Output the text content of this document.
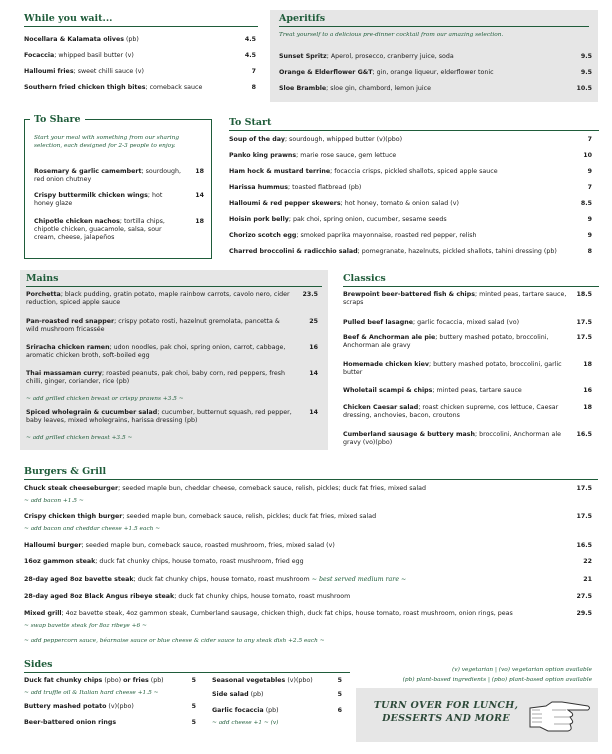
While you wait...
Nocellara & Kalamata olives (pb)	4.5
Focaccia; whipped basil butter (v)	4.5
Halloumi fries; sweet chilli sauce (v)	7
Southern fried chicken thigh bites; comeback sauce	8
Aperitifs
Treat yourself to a delicious pre-dinner cocktail from our amazing selection.
Sunset Spritz; Aperol, prosecco, cranberry juice, soda	9.5
Orange & Elderflower G&T; gin, orange liqueur, elderflower tonic	9.5
Sloe Bramble; sloe gin, chambord, lemon juice	10.5
To Share
Start your meal with something from our sharing selection, each designed for 2-3 people to enjoy.
Rosemary & garlic camembert; sourdough, red onion chutney
18
Crispy buttermilk chicken wings; hot honey glaze
14
Chipotle chicken nachos; tortilla chips, chipotle chicken, guacamole, salsa, sour cream, cheese, jalapeños
18
To Start
Soup of the day; sourdough, whipped butter (v)(pbo)	7
Panko king prawns; marie rose sauce, gem lettuce	10
Ham hock & mustard terrine; focaccia crisps, pickled shallots, spiced apple sauce	9
Harissa hummus; toasted flatbread (pb)	7
Halloumi & red pepper skewers; hot honey, tomato & onion salad (v)	8.5
Hoisin pork belly; pak choi, spring onion, cucumber, sesame seeds	9
Chorizo scotch egg; smoked paprika mayonnaise, roasted red pepper, relish	9
Charred broccolini & radicchio salad; pomegranate, hazelnuts, pickled shallots, tahini dressing (pb)	8
Mains
Porchetta; black pudding, gratin potato, maple rainbow carrots, cavolo nero, cider reduction, spiced apple sauce
23.5
Pan-roasted red snapper; crispy potato rosti, hazelnut gremolata, pancetta & wild mushroom fricassée
25
Sriracha chicken ramen; udon noodles, pak choi, spring onion, carrot, cabbage, aromatic chicken broth, soft-boiled egg
16
Thai massaman curry; roasted peanuts, pak choi, baby corn, red peppers, fresh chilli, ginger, coriander, rice (pb)
14
~ add grilled chicken breast or crispy prawns +3.5 ~
Spiced wholegrain & cucumber salad; cucumber, butternut squash, red pepper, baby leaves, mixed wholegrains, harissa dressing (pb)
14
~ add grilled chicken breast +3.5 ~
Classics
Brewpoint beer-battered fish & chips; minted peas, tartare sauce, scraps
18.5
Pulled beef lasagne; garlic focaccia, mixed salad (vo)	17.5
Beef & Anchorman ale pie; buttery mashed potato, broccolini, Anchorman ale gravy
17.5
Homemade chicken kiev; buttery mashed potato, broccolini, garlic butter
18
Wholetail scampi & chips; minted peas, tartare sauce	16
Chicken Caesar salad; roast chicken supreme, cos lettuce, Caesar dressing, anchovies, bacon, croutons
18
Cumberland sausage & buttery mash; broccolini, Anchorman ale gravy (vo)(pbo)
16.5
Burgers & Grill
Chuck steak cheeseburger; seeded maple bun, cheddar cheese, comeback sauce, relish, pickles; duck fat fries, mixed salad	17.5
~ add bacon +1.5 ~
Crispy chicken thigh burger; seeded maple bun, comeback sauce, relish, pickles; duck fat fries, mixed salad	17.5
~ add bacon and cheddar cheese +1.5 each ~
Halloumi burger; seeded maple bun, comeback sauce, roasted mushroom, fries, mixed salad (v)	16.5
16oz gammon steak; duck fat chunky chips, house tomato, roast mushroom, fried egg	22
28-day aged 8oz bavette steak; duck fat chunky chips, house tomato, roast mushroom ~ best served medium rare ~	21
28-day aged 8oz Black Angus ribeye steak; duck fat chunky chips, house tomato, roast mushroom	27.5
Mixed grill; 4oz bavette steak, 4oz gammon steak, Cumberland sausage, chicken thigh, duck fat chips, house tomato, roast mushroom, onion rings, peas	29.5
~ swap bavette steak for 8oz ribeye +6 ~
~ add peppercorn sauce, béarnaise sauce or blue cheese & cider sauce to any steak dish +2.5 each ~
Sides
Duck fat chunky chips (pbo) or fries (pb)	5
~ add truffle oil & Italian hard cheese +1.5 ~
Buttery mashed potato (v)(pbo)	5
Beer-battered onion rings	5
Seasonal vegetables (v)(pbo)	5
Side salad (pb)	5
Garlic focaccia (pb)	6
~ add cheese +1 ~ (v)
(v) vegetarian | (vo) vegetarian option available
(pb) plant-based ingredients | (pbo) plant-based option available
TURN OVER FOR LUNCH,
DESSERTS AND MORE
